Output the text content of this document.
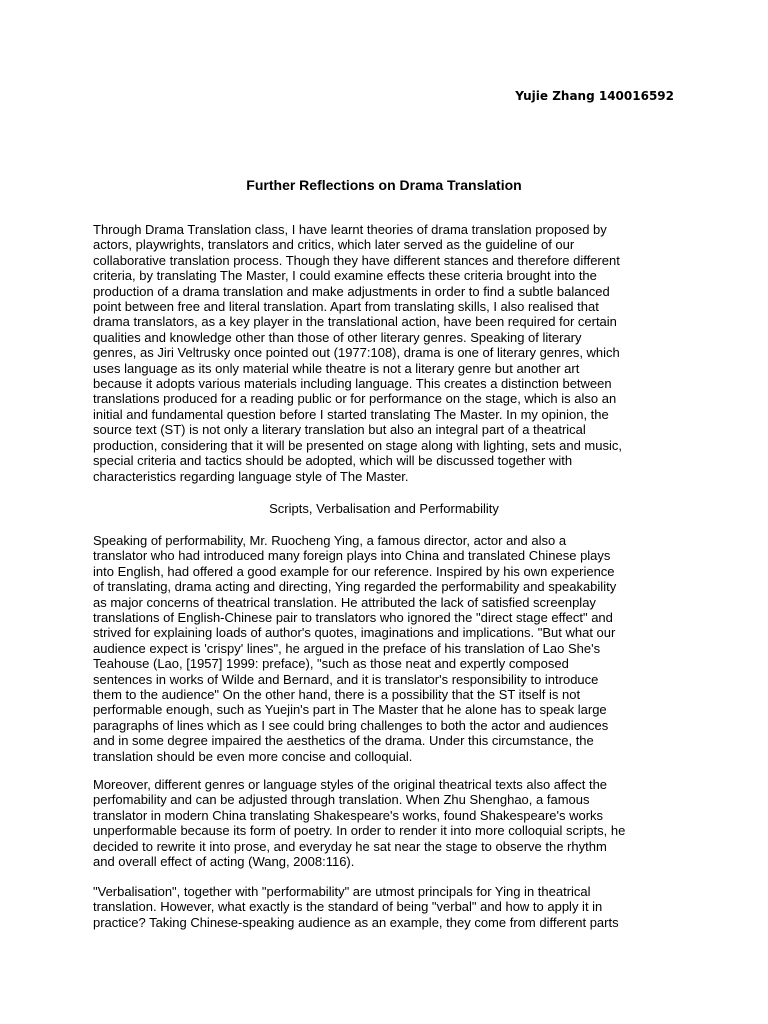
Yujie Zhang 140016592
Further Reflections on Drama Translation
Through Drama Translation class, I have learnt theories of drama translation proposed by
actors, playwrights, translators and critics, which later served as the guideline of our
collaborative translation process. Though they have different stances and therefore different
criteria, by translating The Master, I could examine effects these criteria brought into the
production of a drama translation and make adjustments in order to find a subtle balanced
point between free and literal translation. Apart from translating skills, I also realised that
drama translators, as a key player in the translational action, have been required for certain
qualities and knowledge other than those of other literary genres. Speaking of literary
genres, as Jiri Veltrusky once pointed out (1977:108), drama is one of literary genres, which
uses language as its only material while theatre is not a literary genre but another art
because it adopts various materials including language. This creates a distinction between
translations produced for a reading public or for performance on the stage, which is also an
initial and fundamental question before I started translating The Master. In my opinion, the
source text (ST) is not only a literary translation but also an integral part of a theatrical
production, considering that it will be presented on stage along with lighting, sets and music,
special criteria and tactics should be adopted, which will be discussed together with
characteristics regarding language style of The Master.
Scripts, Verbalisation and Performability
Speaking of performability, Mr. Ruocheng Ying, a famous director, actor and also a
translator who had introduced many foreign plays into China and translated Chinese plays
into English, had offered a good example for our reference. Inspired by his own experience
of translating, drama acting and directing, Ying regarded the performability and speakability
as major concerns of theatrical translation. He attributed the lack of satisfied screenplay
translations of English-Chinese pair to translators who ignored the "direct stage effect" and
strived for explaining loads of author's quotes, imaginations and implications. "But what our
audience expect is 'crispy' lines", he argued in the preface of his translation of Lao She's
Teahouse (Lao, [1957] 1999: preface), "such as those neat and expertly composed
sentences in works of Wilde and Bernard, and it is translator's responsibility to introduce
them to the audience" On the other hand, there is a possibility that the ST itself is not
performable enough, such as Yuejin's part in The Master that he alone has to speak large
paragraphs of lines which as I see could bring challenges to both the actor and audiences
and in some degree impaired the aesthetics of the drama. Under this circumstance, the
translation should be even more concise and colloquial.
Moreover, different genres or language styles of the original theatrical texts also affect the
perfomability and can be adjusted through translation. When Zhu Shenghao, a famous
translator in modern China translating Shakespeare's works, found Shakespeare's works
unperformable because its form of poetry. In order to render it into more colloquial scripts, he
decided to rewrite it into prose, and everyday he sat near the stage to observe the rhythm
and overall effect of acting (Wang, 2008:116).
"Verbalisation", together with "performability" are utmost principals for Ying in theatrical
translation. However, what exactly is the standard of being "verbal" and how to apply it in
practice? Taking Chinese-speaking audience as an example, they come from different parts
